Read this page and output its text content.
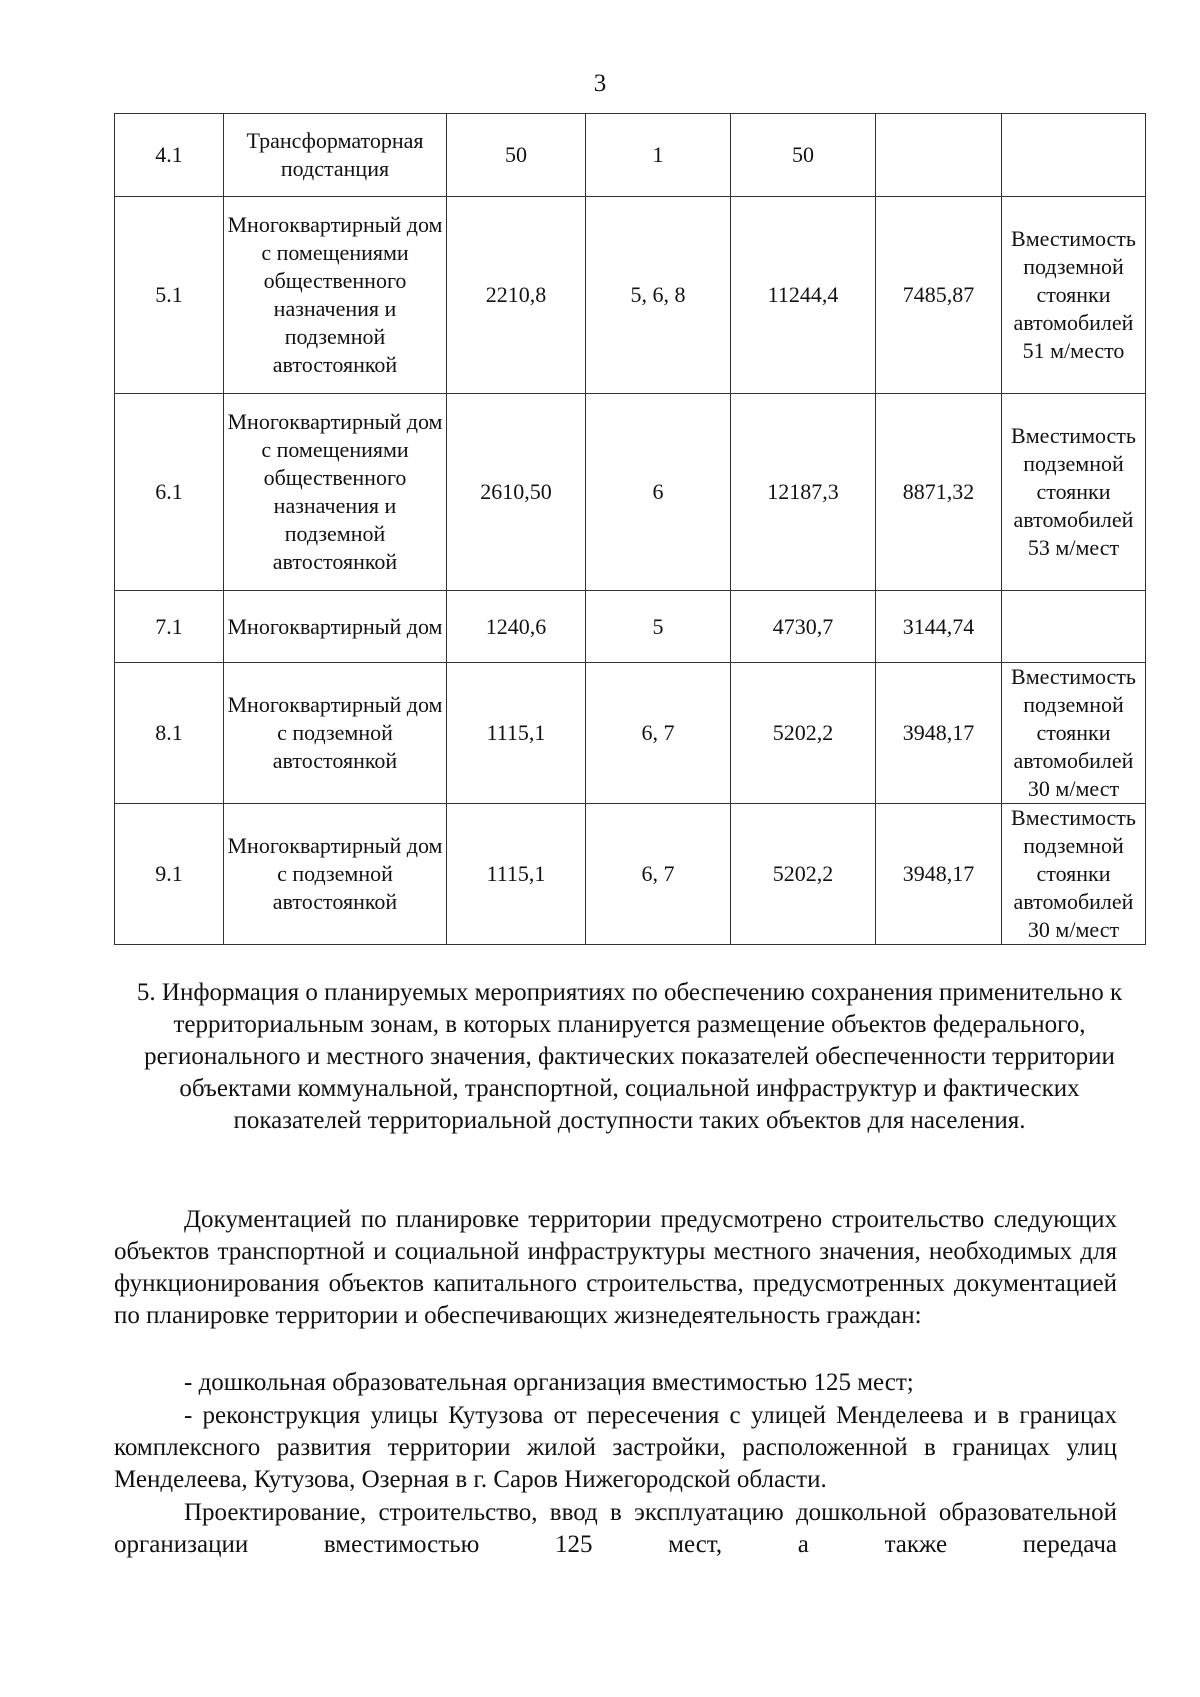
3
4.1	Трансформаторная подстанция	50	1	50		
5.1	Многоквартирный дом с помещениями общественного назначения и подземной автостоянкой	2210,8	5, 6, 8	11244,4	7485,87	Вместимость подземной стоянки автомобилей 51 м/место
6.1	Многоквартирный дом с помещениями общественного назначения и подземной автостоянкой	2610,50	6	12187,3	8871,32	Вместимость подземной стоянки автомобилей 53 м/мест
7.1	Многоквартирный дом	1240,6	5	4730,7	3144,74	
8.1	Многоквартирный дом с подземной автостоянкой	1115,1	6, 7	5202,2	3948,17	Вместимость подземной стоянки автомобилей 30 м/мест
9.1	Многоквартирный дом с подземной автостоянкой	1115,1	6, 7	5202,2	3948,17	Вместимость подземной стоянки автомобилей 30 м/мест
5. Информация о планируемых мероприятиях по обеспечению сохранения применительно к территориальным зонам, в которых планируется размещение объектов федерального, регионального и местного значения, фактических показателей обеспеченности территории объектами коммунальной, транспортной, социальной инфраструктур и фактических показателей территориальной доступности таких объектов для населения.

Документацией по планировке территории предусмотрено строительство следующих объектов транспортной и социальной инфраструктуры местного значения, необходимых для функционирования объектов капитального строительства, предусмотренных документацией по планировке территории и обеспечивающих жизнедеятельность граждан:

- дошкольная образовательная организация вместимостью 125 мест;

- реконструкция улицы Кутузова от пересечения с улицей Менделеева и в границах комплексного развития территории жилой застройки, расположенной в границах улиц Менделеева, Кутузова, Озерная в г. Саров Нижегородской области.

Проектирование, строительство, ввод в эксплуатацию дошкольной образовательной организации вместимостью 125 мест, а также передача
